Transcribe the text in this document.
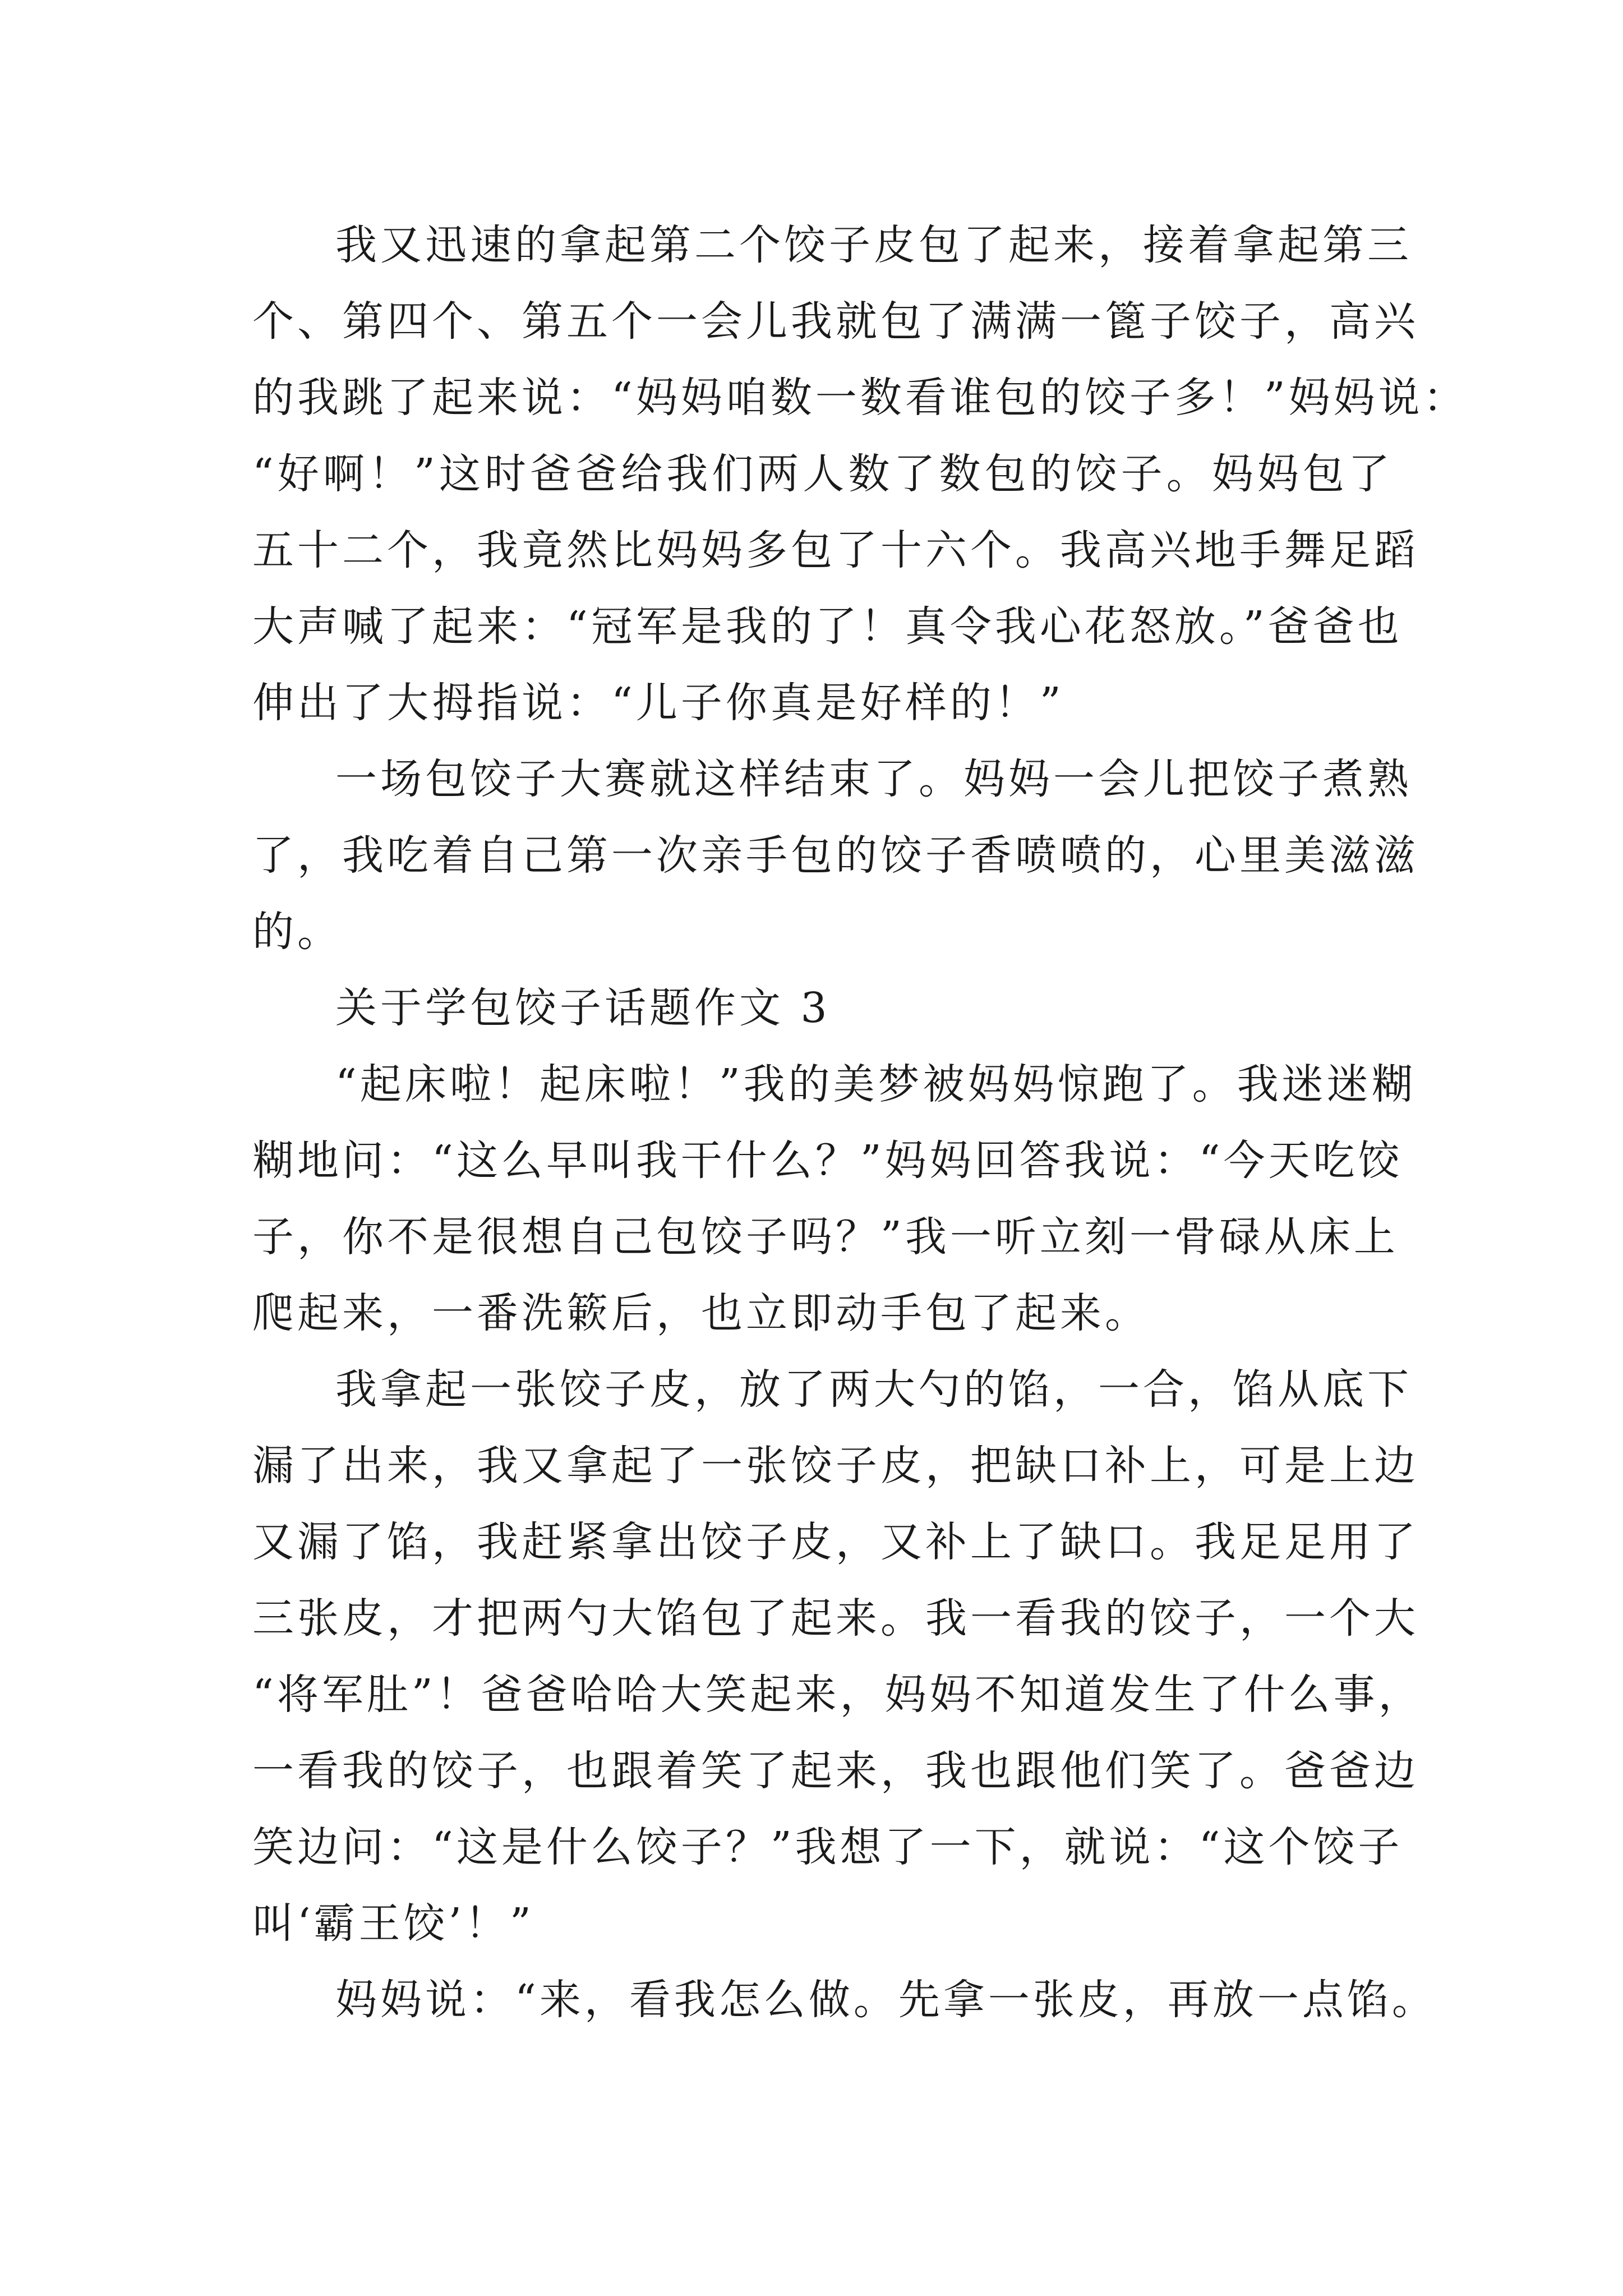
我又迅速的拿起第二个饺子皮包了起来，接着拿起第三
个、第四个、第五个一会儿我就包了满满一篦子饺子，高兴
的我跳了起来说：“妈妈咱数一数看谁包的饺子多！”妈妈说：
“好啊！”这时爸爸给我们两人数了数包的饺子。妈妈包了
五十二个，我竟然比妈妈多包了十六个。我高兴地手舞足蹈
大声喊了起来：“冠军是我的了！真令我心花怒放。”爸爸也
伸出了大拇指说：“儿子你真是好样的！”
一场包饺子大赛就这样结束了。妈妈一会儿把饺子煮熟
了，我吃着自己第一次亲手包的饺子香喷喷的，心里美滋滋
的。
关于学包饺子话题作文 3
“起床啦！起床啦！”我的美梦被妈妈惊跑了。我迷迷糊
糊地问：“这么早叫我干什么？”妈妈回答我说：“今天吃饺
子，你不是很想自己包饺子吗？”我一听立刻一骨碌从床上
爬起来，一番洗簌后，也立即动手包了起来。
我拿起一张饺子皮，放了两大勺的馅，一合，馅从底下
漏了出来，我又拿起了一张饺子皮，把缺口补上，可是上边
又漏了馅，我赶紧拿出饺子皮，又补上了缺口。我足足用了
三张皮，才把两勺大馅包了起来。我一看我的饺子，一个大
“将军肚”！爸爸哈哈大笑起来，妈妈不知道发生了什么事，
一看我的饺子，也跟着笑了起来，我也跟他们笑了。爸爸边
笑边问：“这是什么饺子？”我想了一下，就说：“这个饺子
叫‘霸王饺’！”
妈妈说：“来，看我怎么做。先拿一张皮，再放一点馅。
